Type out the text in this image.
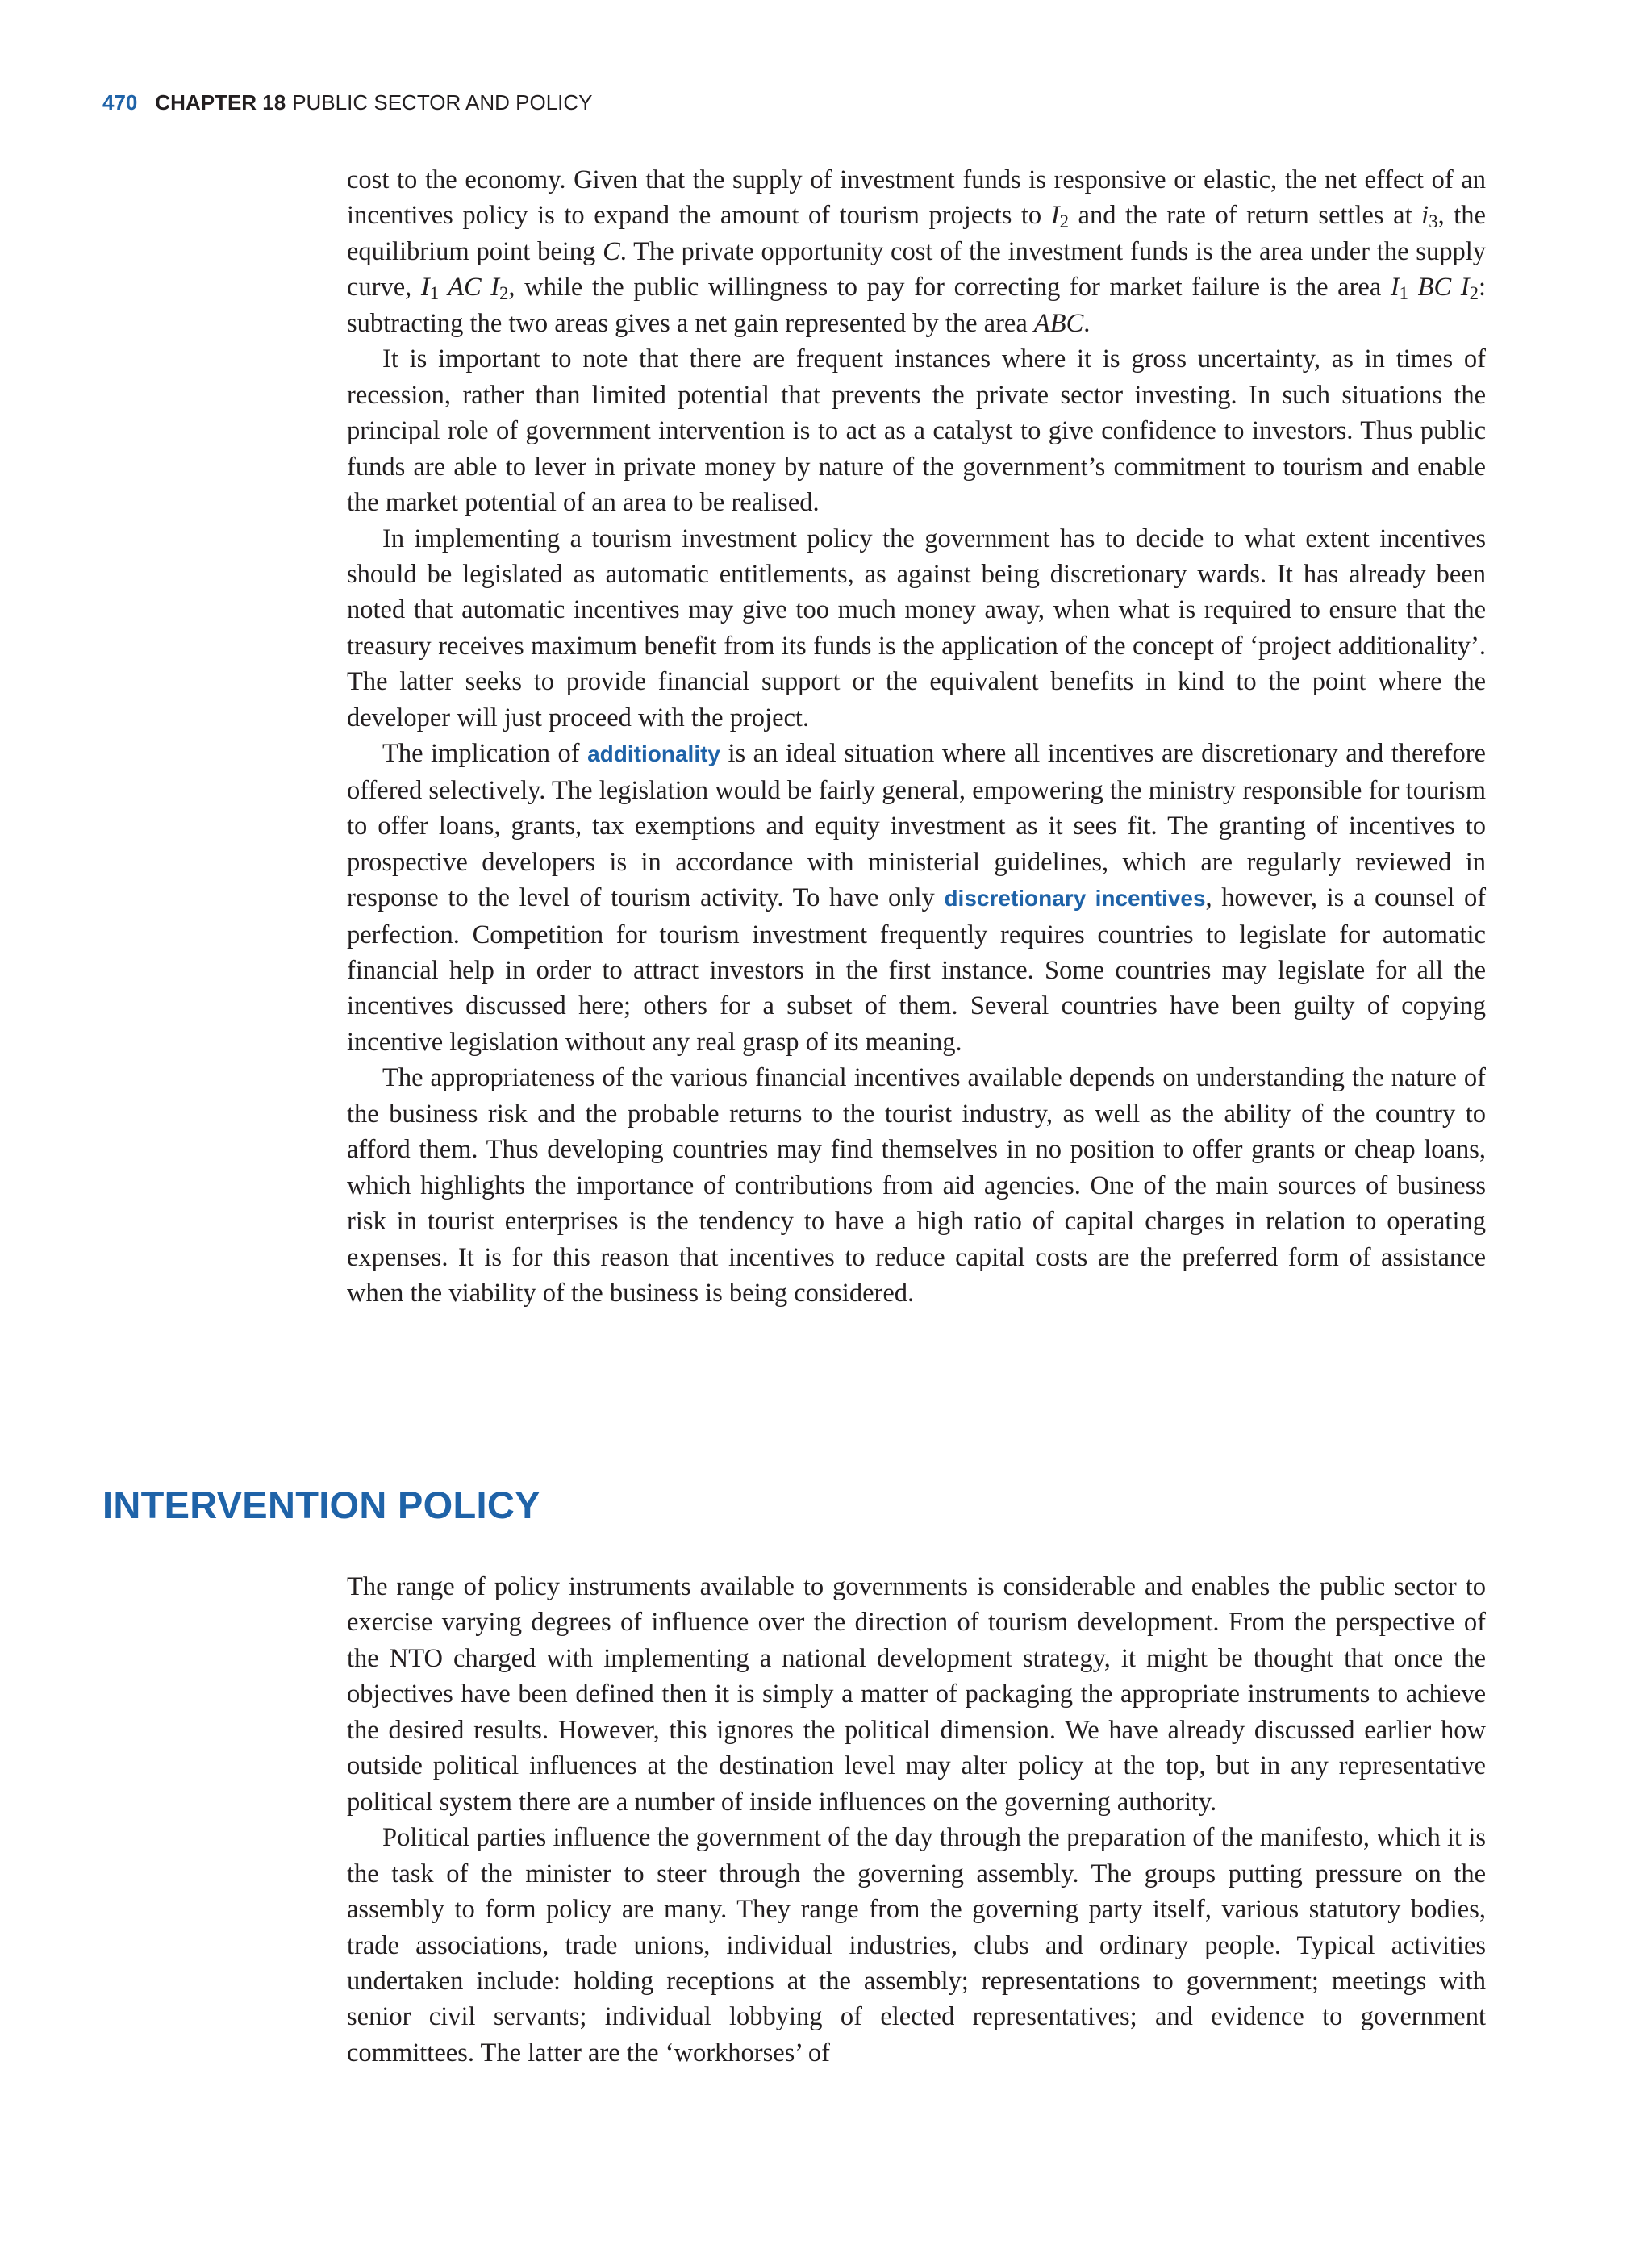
470 CHAPTER 18 PUBLIC SECTOR AND POLICY

cost to the economy. Given that the supply of investment funds is responsive or elastic, the net effect of an incentives policy is to expand the amount of tourism projects to $I_2$ and the rate of return settles at $i_3$, the equilibrium point being C. The private opportunity cost of the investment funds is the area under the supply curve, $I_1$ AC $I_2$, while the public willingness to pay for correcting for market failure is the area $I_1$ BC $I_2$: subtracting the two areas gives a net gain represented by the area ABC.

It is important to note that there are frequent instances where it is gross uncertainty, as in times of recession, rather than limited potential that prevents the private sector investing. In such situations the principal role of government intervention is to act as a catalyst to give confidence to investors. Thus public funds are able to lever in private money by nature of the government’s commitment to tourism and enable the market potential of an area to be realised.

In implementing a tourism investment policy the government has to decide to what extent incentives should be legislated as automatic entitlements, as against being discretionary wards. It has already been noted that automatic incentives may give too much money away, when what is required to ensure that the treasury receives maximum benefit from its funds is the application of the concept of ‘project additionality’. The latter seeks to provide financial support or the equivalent benefits in kind to the point where the developer will just proceed with the project.

The implication of additionality is an ideal situation where all incentives are discretionary and therefore offered selectively. The legislation would be fairly general, empowering the ministry responsible for tourism to offer loans, grants, tax exemptions and equity investment as it sees fit. The granting of incentives to prospective developers is in accordance with ministerial guidelines, which are regularly reviewed in response to the level of tourism activity. To have only discretionary incentives, however, is a counsel of perfection. Competition for tourism investment frequently requires countries to legislate for automatic financial help in order to attract investors in the first instance. Some countries may legislate for all the incentives discussed here; others for a subset of them. Several countries have been guilty of copying incentive legislation without any real grasp of its meaning.

The appropriateness of the various financial incentives available depends on understanding the nature of the business risk and the probable returns to the tourist industry, as well as the ability of the country to afford them. Thus developing countries may find themselves in no position to offer grants or cheap loans, which highlights the importance of contributions from aid agencies. One of the main sources of business risk in tourist enterprises is the tendency to have a high ratio of capital charges in relation to operating expenses. It is for this reason that incentives to reduce capital costs are the preferred form of assistance when the viability of the business is being considered.

INTERVENTION POLICY

The range of policy instruments available to governments is considerable and enables the public sector to exercise varying degrees of influence over the direction of tourism development. From the perspective of the NTO charged with implementing a national development strategy, it might be thought that once the objectives have been defined then it is simply a matter of packaging the appropriate instruments to achieve the desired results. However, this ignores the political dimension. We have already discussed earlier how outside political influences at the destination level may alter policy at the top, but in any representative political system there are a number of inside influences on the governing authority.

Political parties influence the government of the day through the preparation of the manifesto, which it is the task of the minister to steer through the governing assembly. The groups putting pressure on the assembly to form policy are many. They range from the governing party itself, various statutory bodies, trade associations, trade unions, individual industries, clubs and ordinary people. Typical activities undertaken include: holding receptions at the assembly; representations to government; meetings with senior civil servants; individual lobbying of elected representatives; and evidence to government committees. The latter are the ‘workhorses’ of
